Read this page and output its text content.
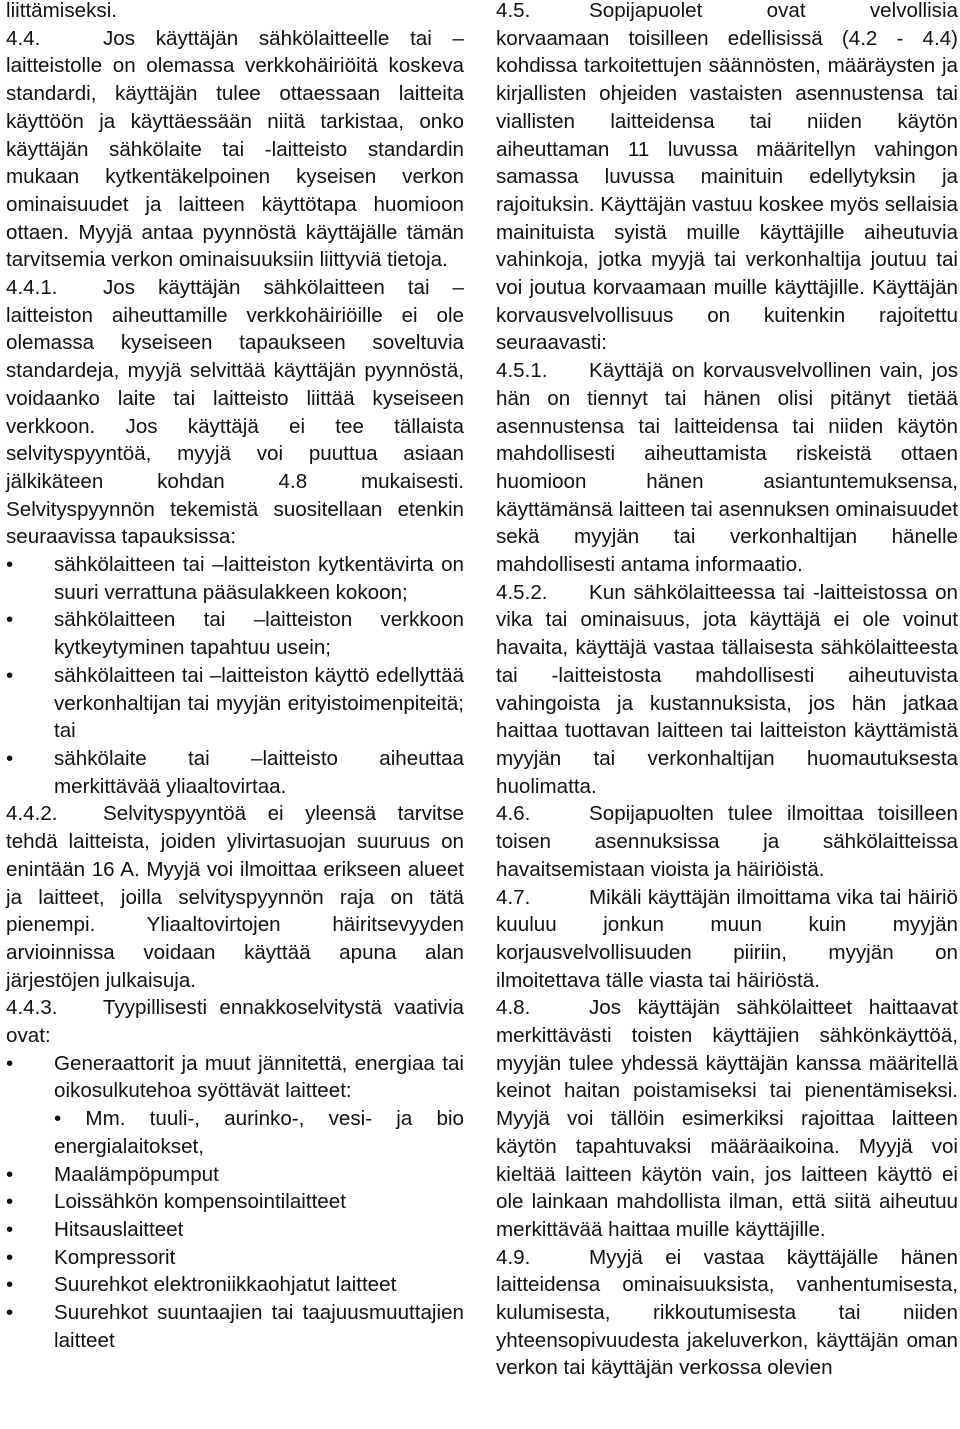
liittämiseksi.

4.4.	Jos käyttäjän sähkölaitteelle tai –laitteistolle on olemassa verkkohäiriöitä koskeva standardi, käyttäjän tulee ottaessaan laitteita käyttöön ja käyttäessään niitä tarkistaa, onko käyttäjän sähkölaite tai -laitteisto standardin mukaan kytkentäkelpoinen kyseisen verkon ominaisuudet ja laitteen käyttötapa huomioon ottaen. Myyjä antaa pyynnöstä käyttäjälle tämän tarvitsemia verkon ominaisuuksiin liittyviä tietoja.

4.4.1. Jos käyttäjän sähkölaitteen tai –laitteiston aiheuttamille verkkohäiriöille ei ole olemassa kyseiseen tapaukseen soveltuvia standardeja, myyjä selvittää käyttäjän pyynnöstä, voidaanko laite tai laitteisto liittää kyseiseen verkkoon. Jos käyttäjä ei tee tällaista selvityspyyntöä, myyjä voi puuttua asiaan jälkikäteen kohdan 4.8 mukaisesti. Selvityspyynnön tekemistä suositellaan etenkin seuraavissa tapauksissa:

• sähkölaitteen tai –laitteiston kytkentävirta on suuri verrattuna pääsulakkeen kokoon;
• sähkölaitteen tai –laitteiston verkkoon kytkeytyminen tapahtuu usein;
• sähkölaitteen tai –laitteiston käyttö edellyttää verkonhaltijan tai myyjän erityistoimenpiteitä; tai
• sähkölaite tai –laitteisto aiheuttaa merkittävää yliaaltovirtaa.

4.4.2. Selvityspyyntöä ei yleensä tarvitse tehdä laitteista, joiden ylivirtasuojan suuruus on enintään 16 A. Myyjä voi ilmoittaa erikseen alueet ja laitteet, joilla selvityspyynnön raja on tätä pienempi. Yliaaltovirtojen häiritsevyyden arvioinnissa voidaan käyttää apuna alan järjestöjen julkaisuja.

4.4.3. Tyypillisesti ennakkoselvitystä vaativia ovat:

• Generaattorit ja muut jännitettä, energiaa tai oikosulkutehoa syöttävät laitteet:
• Mm. tuuli-, aurinko-, vesi- ja bio energialaitokset,
• Maalämpöpumput
• Loissähkön kompensointilaitteet
• Hitsauslaitteet
• Kompressorit
• Suurehkot elektroniikkaohjatut laitteet
• Suurehkot suuntaajien tai taajuusmuuttajien laitteet

4.5.	Sopijapuolet ovat velvollisia korvaamaan toisilleen edellisissä (4.2 - 4.4) kohdissa tarkoitettujen säännösten, määräysten ja kirjallisten ohjeiden vastaisten asennustensa tai viallisten laitteidensa tai niiden käytön aiheuttaman 11 luvussa määritellyn vahingon samassa luvussa mainituin edellytyksin ja rajoituksin. Käyttäjän vastuu koskee myös sellaisia mainituista syistä muille käyttäjille aiheutuvia vahinkoja, jotka myyjä tai verkonhaltija joutuu tai voi joutua korvaamaan muille käyttäjille. Käyttäjän korvausvelvollisuus on kuitenkin rajoitettu seuraavasti:

4.5.1. Käyttäjä on korvausvelvollinen vain, jos hän on tiennyt tai hänen olisi pitänyt tietää asennustensa tai laitteidensa tai niiden käytön mahdollisesti aiheuttamista riskeistä ottaen huomioon hänen asiantuntemuksensa, käyttämänsä laitteen tai asennuksen ominaisuudet sekä myyjän tai verkonhaltijan hänelle mahdollisesti antama informaatio.

4.5.2. Kun sähkölaitteessa tai -laitteistossa on vika tai ominaisuus, jota käyttäjä ei ole voinut havaita, käyttäjä vastaa tällaisesta sähkölaitteesta tai -laitteistosta mahdollisesti aiheutuvista vahingoista ja kustannuksista, jos hän jatkaa haittaa tuottavan laitteen tai laitteiston käyttämistä myyjän tai verkonhaltijan huomautuksesta huolimatta.

4.6.	Sopijapuolten tulee ilmoittaa toisilleen toisen asennuksissa ja sähkölaitteissa havaitsemistaan vioista ja häiriöistä.

4.7.	Mikäli käyttäjän ilmoittama vika tai häiriö kuuluu jonkun muun kuin myyjän korjausvelvollisuuden piiriin, myyjän on ilmoitettava tälle viasta tai häiriöstä.

4.8.	Jos käyttäjän sähkölaitteet haittaavat merkittävästi toisten käyttäjien sähkönkäyttöä, myyjän tulee yhdessä käyttäjän kanssa määritellä keinot haitan poistamiseksi tai pienentämiseksi. Myyjä voi tällöin esimerkiksi rajoittaa laitteen käytön tapahtuvaksi määräaikoina. Myyjä voi kieltää laitteen käytön vain, jos laitteen käyttö ei ole lainkaan mahdollista ilman, että siitä aiheutuu merkittävää haittaa muille käyttäjille.

4.9.	Myyjä ei vastaa käyttäjälle hänen laitteidensa ominaisuuksista, vanhentumisesta, kulumisesta, rikkoutumisesta tai niiden yhteensopivuudesta jakeluverkon, käyttäjän oman verkon tai käyttäjän verkossa olevien
